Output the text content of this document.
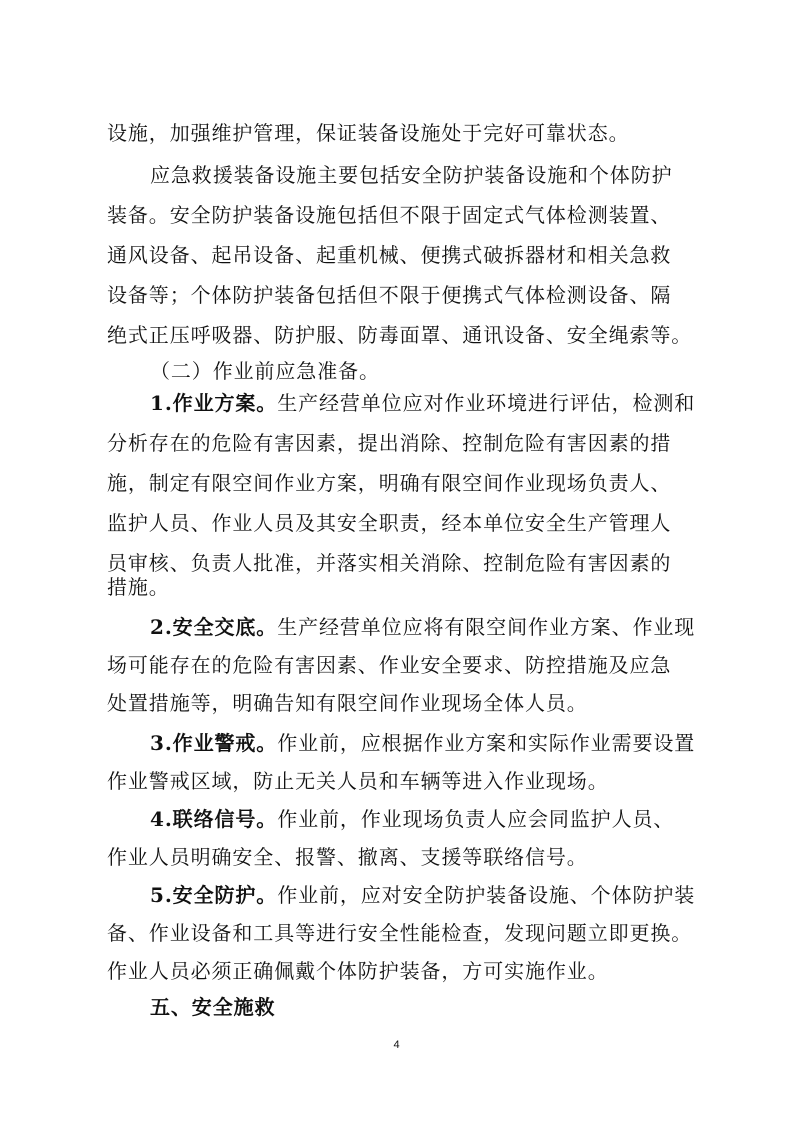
设施，加强维护管理，保证装备设施处于完好可靠状态。
应急救援装备设施主要包括安全防护装备设施和个体防护
装备。安全防护装备设施包括但不限于固定式气体检测装置、
通风设备、起吊设备、起重机械、便携式破拆器材和相关急救
设备等；个体防护装备包括但不限于便携式气体检测设备、隔
绝式正压呼吸器、防护服、防毒面罩、通讯设备、安全绳索等。
（二）作业前应急准备。
1.作业方案。生产经营单位应对作业环境进行评估，检测和
分析存在的危险有害因素，提出消除、控制危险有害因素的措
施，制定有限空间作业方案，明确有限空间作业现场负责人、
监护人员、作业人员及其安全职责，经本单位安全生产管理人
员审核、负责人批准，并落实相关消除、控制危险有害因素的
措施。
2.安全交底。生产经营单位应将有限空间作业方案、作业现
场可能存在的危险有害因素、作业安全要求、防控措施及应急
处置措施等，明确告知有限空间作业现场全体人员。
3.作业警戒。作业前，应根据作业方案和实际作业需要设置
作业警戒区域，防止无关人员和车辆等进入作业现场。
4.联络信号。作业前，作业现场负责人应会同监护人员、
作业人员明确安全、报警、撤离、支援等联络信号。
5.安全防护。作业前，应对安全防护装备设施、个体防护装
备、作业设备和工具等进行安全性能检查，发现问题立即更换。
作业人员必须正确佩戴个体防护装备，方可实施作业。
五、安全施救
4
